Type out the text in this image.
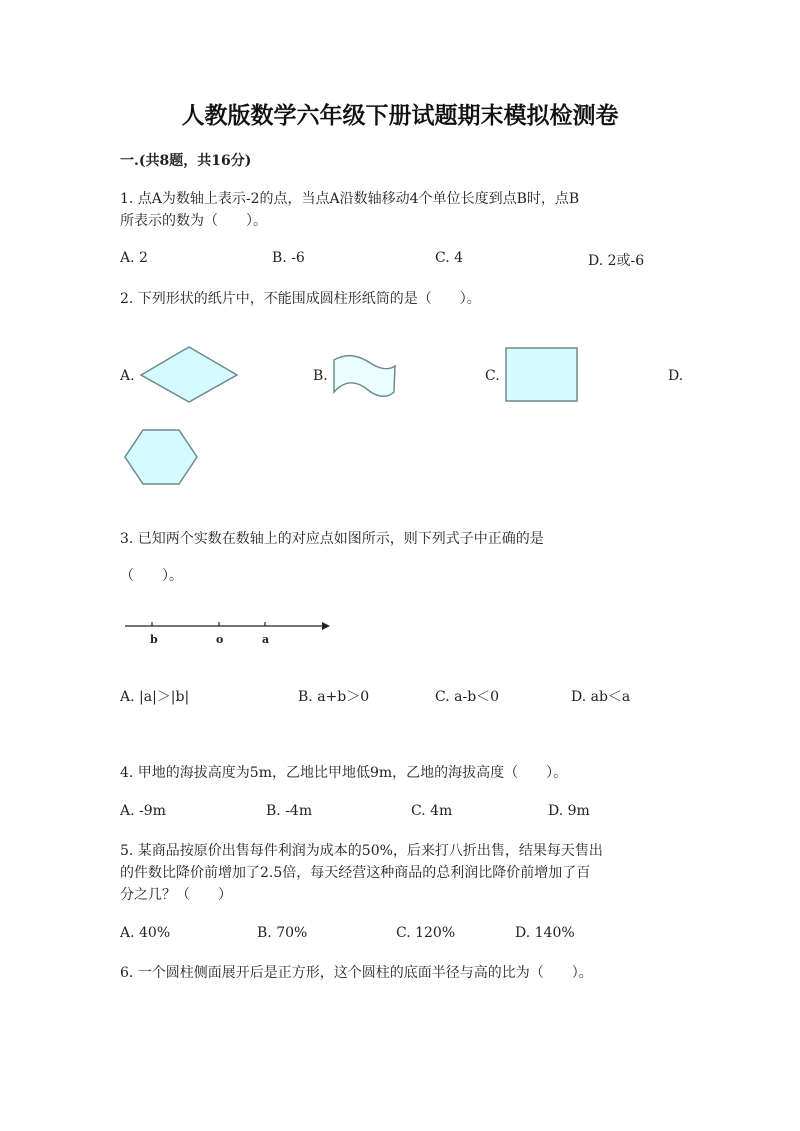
人教版数学六年级下册试题期末模拟检测卷
一.(共8题，共16分)
1. 点A为数轴上表示-2的点，当点A沿数轴移动4个单位长度到点B时，点B
所表示的数为（　　）。
A. 2	B. -6	C. 4	D. 2或-6
2. 下列形状的纸片中，不能围成圆柱形纸筒的是（　　）。
A.	B.	C.	D.
3. 已知两个实数在数轴上的对应点如图所示，则下列式子中正确的是
（　　）。
b	o	a
A. |a|＞|b|	B. a+b＞0	C. a-b＜0	D. ab＜a
4. 甲地的海拔高度为5m，乙地比甲地低9m，乙地的海拔高度（　　）。
A. -9m	B. -4m	C. 4m	D. 9m
5. 某商品按原价出售每件利润为成本的50%，后来打八折出售，结果每天售出
的件数比降价前增加了2.5倍，每天经营这种商品的总利润比降价前增加了百
分之几？（　　）
A. 40%	B. 70%	C. 120%	D. 140%
6. 一个圆柱侧面展开后是正方形，这个圆柱的底面半径与高的比为（　　）。
